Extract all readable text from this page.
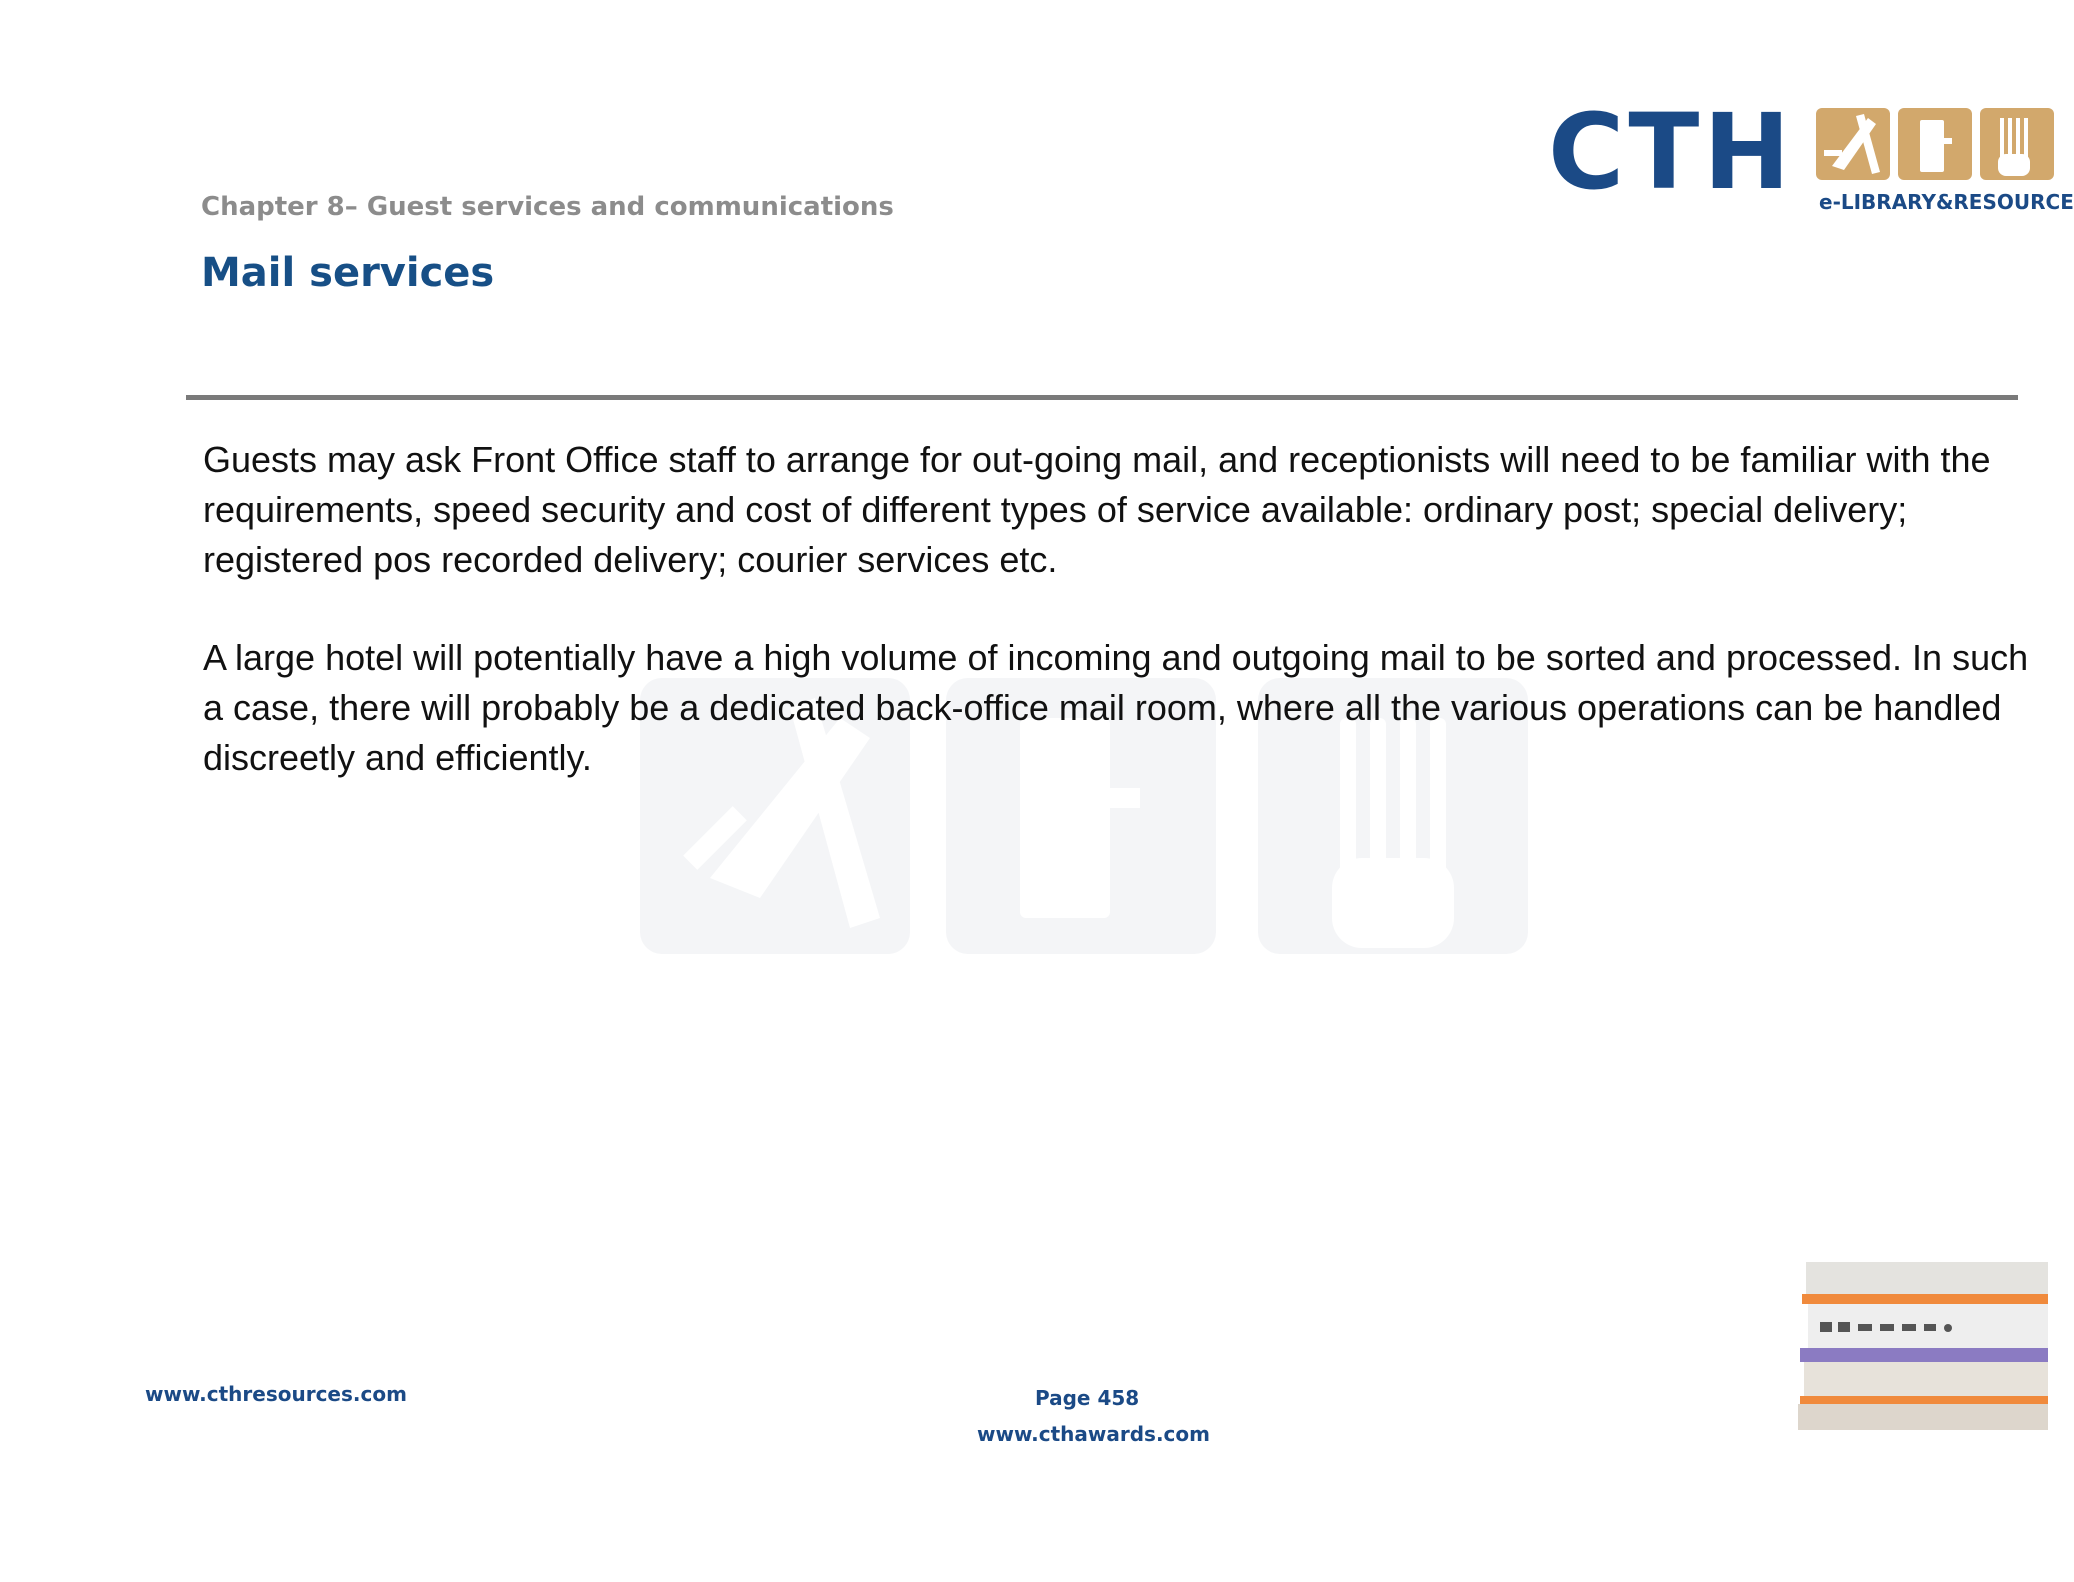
CTH e-LIBRARY&RESOURCE
Chapter 8– Guest services and communications
Mail services

Guests may ask Front Office staff to arrange for out-going mail, and receptionists will need to be familiar with the requirements, speed security and cost of different types of service available: ordinary post; special delivery; registered pos recorded delivery; courier services etc.

A large hotel will potentially have a high volume of incoming and outgoing mail to be sorted and processed. In such a case, there will probably be a dedicated back-office mail room, where all the various operations can be handled discreetly and efficiently.

www.cthresources.com	Page 458
www.cthawards.com
